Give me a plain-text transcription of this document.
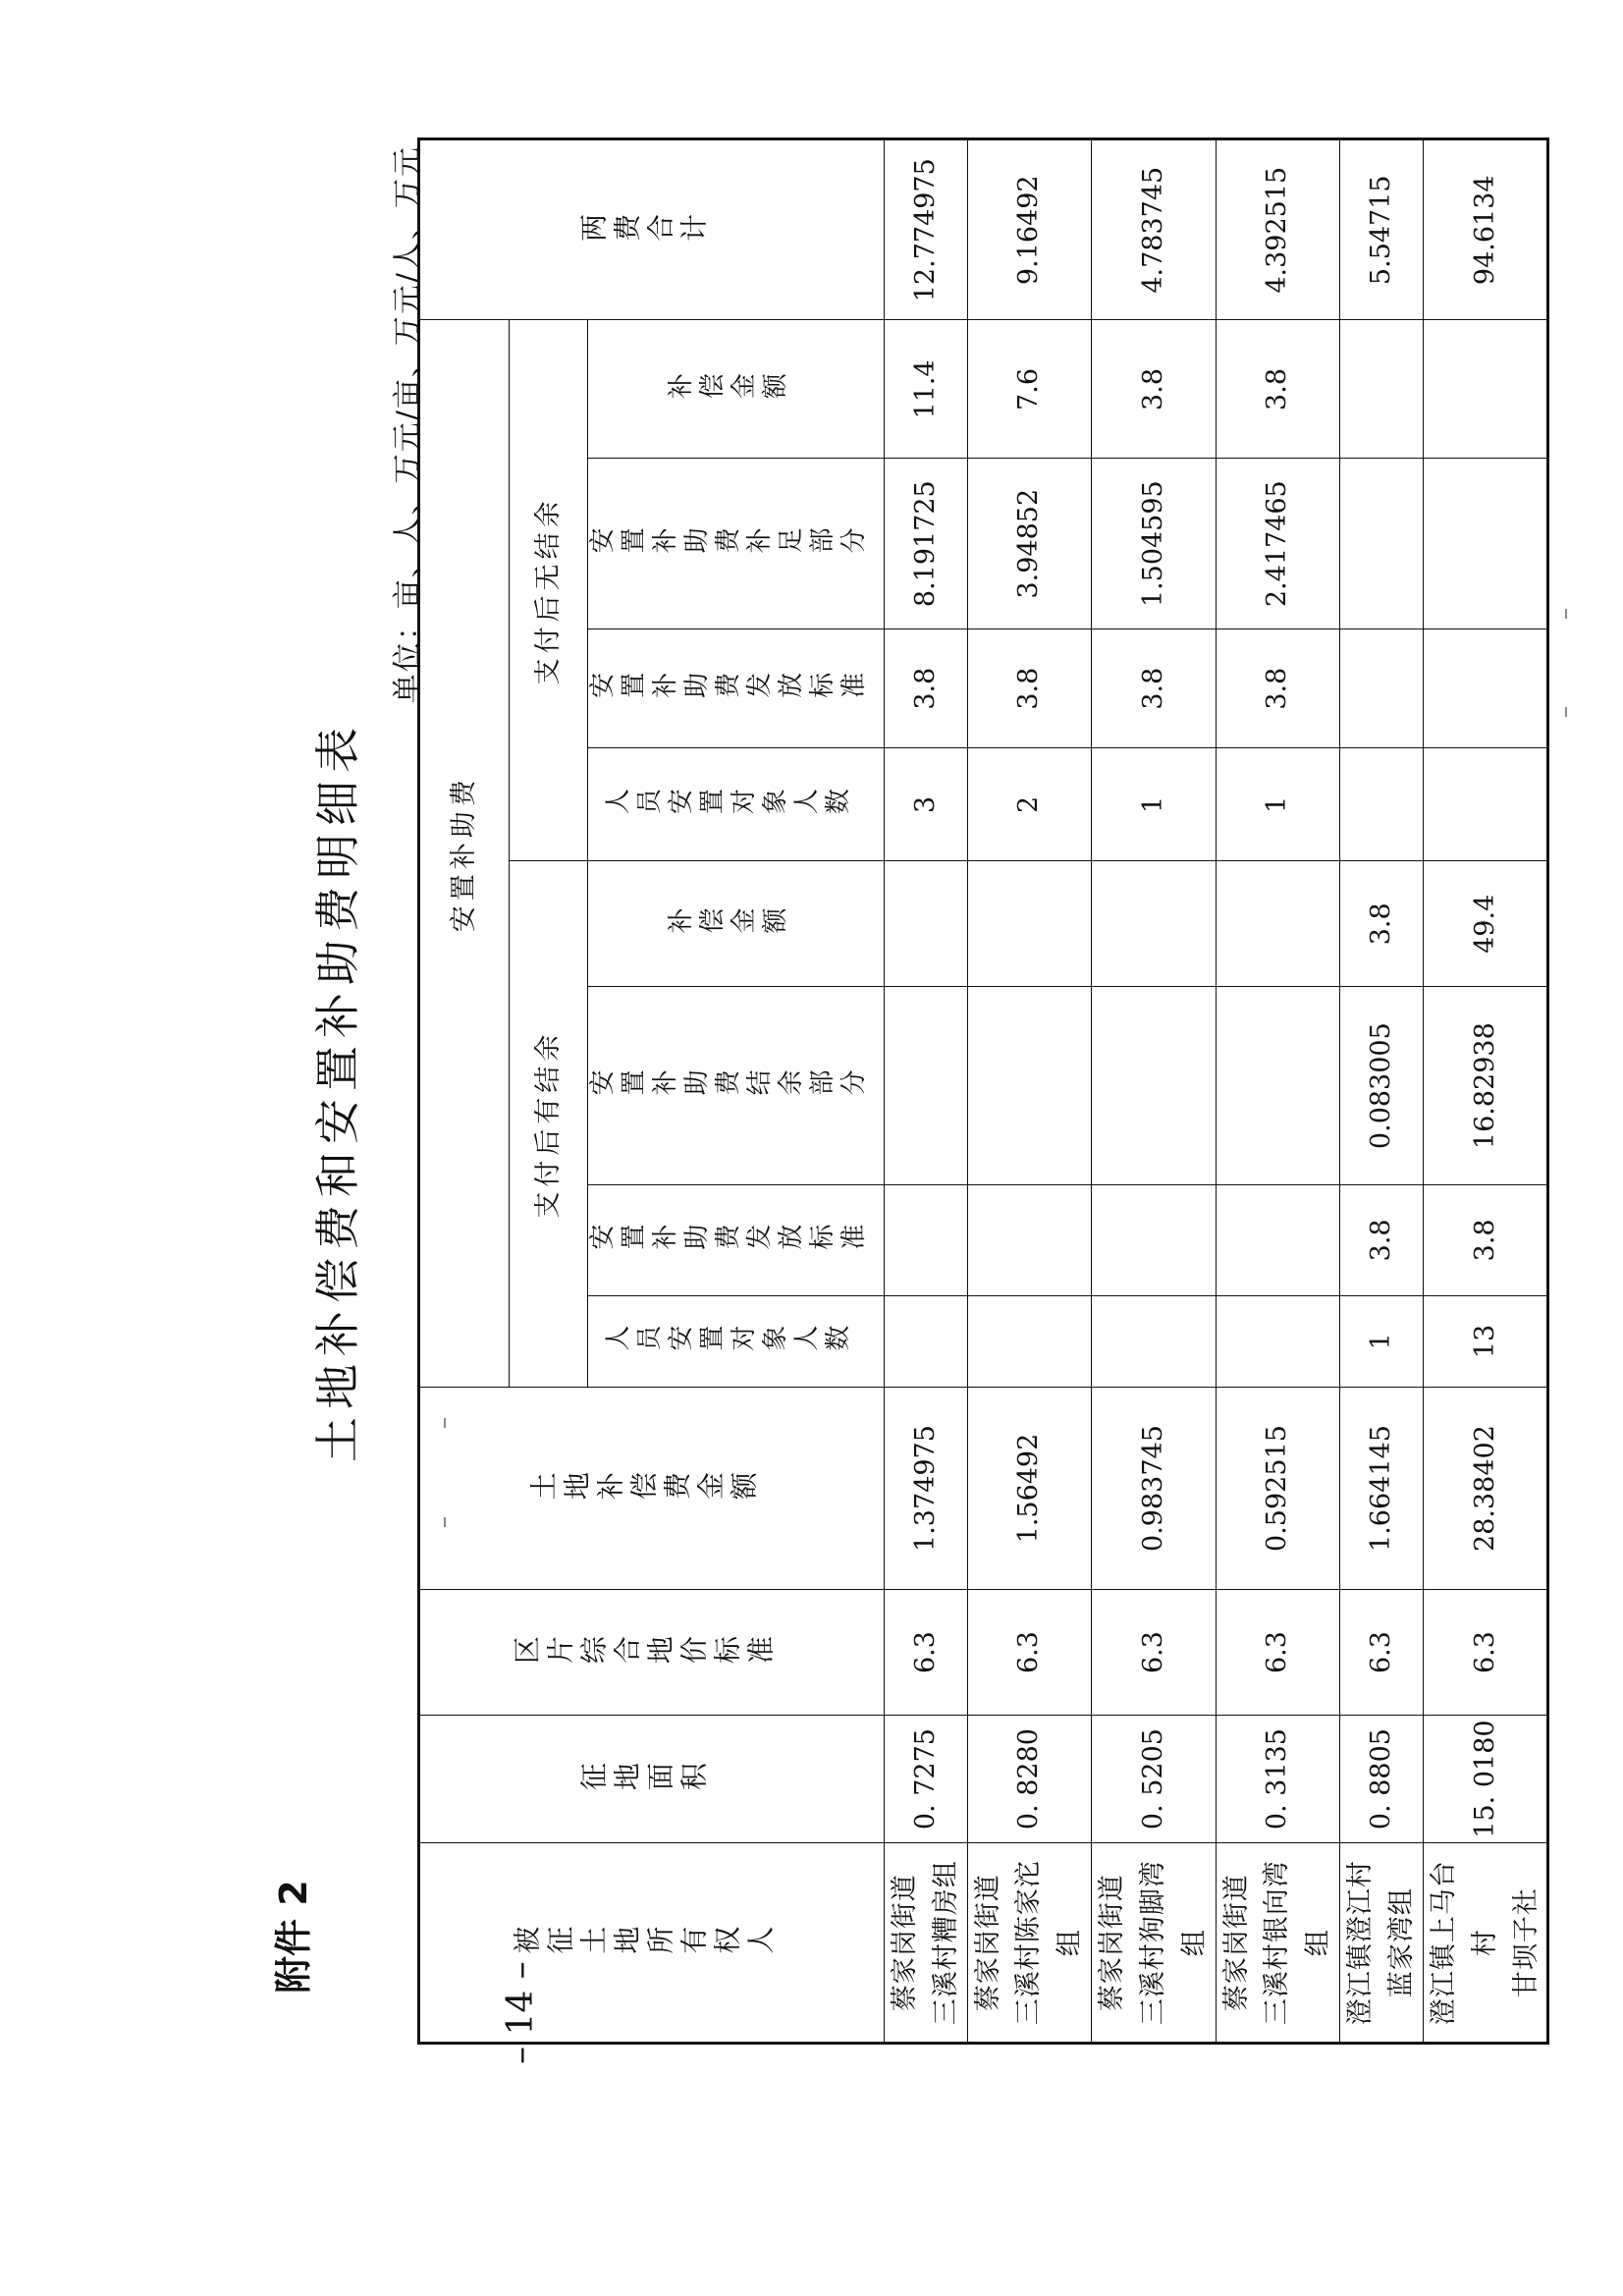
附件 2
– 14 –
土地补偿费和安置补助费明细表
单位：亩、人、万元/亩、万元/人、万元
被征土地所有权人	征地面积	区片综合地价标准	土地补偿费金额	安置补助费								两费合计
				支付后有结余				支付后无结余				
				人员安置对象人数	安置补助费发放标准	安置补助费结余部分	补偿金额	人员安置对象人数	安置补助费发放标准	安置补助费补足部分	补偿金额	

蔡家岗街道 三溪村糟房组	0. 7275	6.3	1.374975					3	3.8	8.191725	11.4	12.774975

蔡家岗街道 三溪村陈家沱组	0. 8280	6.3	1.56492					2	3.8	3.94852	7.6	9.16492

蔡家岗街道 三溪村狗脚湾组	0. 5205	6.3	0.983745					1	3.8	1.504595	3.8	4.783745

蔡家岗街道 三溪村银向湾组	0. 3135	6.3	0.592515					1	3.8	2.417465	3.8	4.392515

澄江镇澄江村 蓝家湾组	0. 8805	6.3	1.664145	1	3.8	0.083005	3.8					5.54715

澄江镇上马台村 甘坝子社	15. 0180	6.3	28.38402	13	3.8	16.82938	49.4					94.6134
